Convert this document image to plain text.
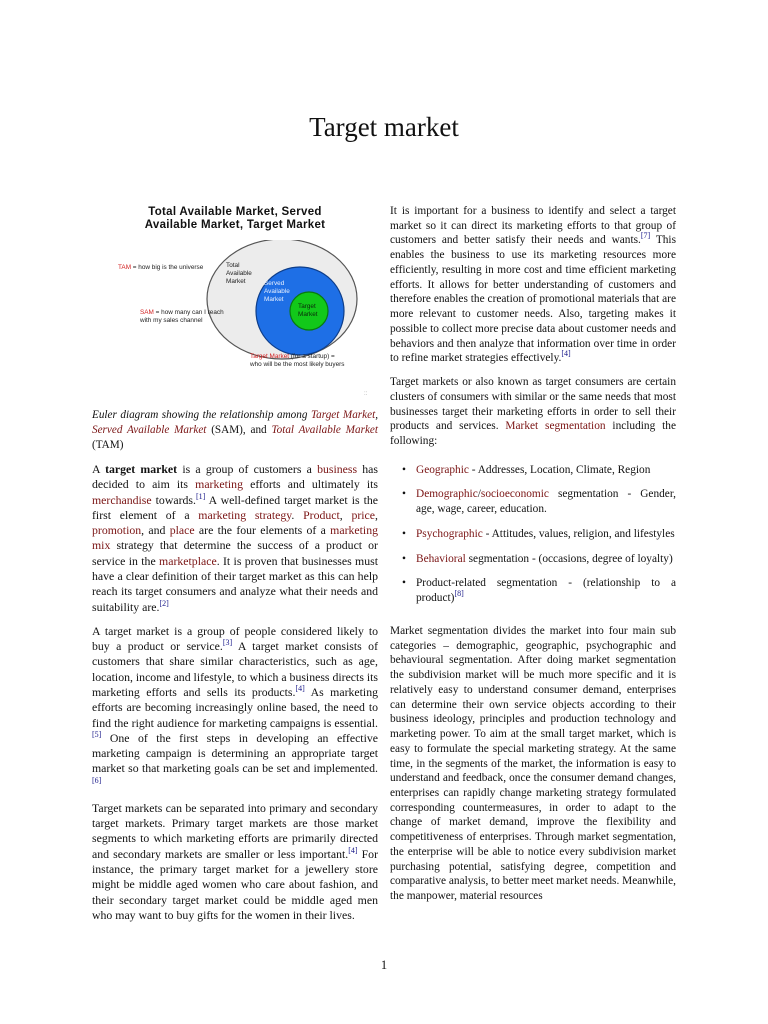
Target market
Total Available Market, Served
Available Market, Target Market
Total
Available
Market	Served
Available
Market
Target
Market
TAM = how big is the universe
SAM = how many can I reach
with my sales channel
Target Market (for a startup) =
who will be the most likely buyers
::

Euler diagram showing the relationship among Target Market, Served Available Market (SAM), and Total Available Market (TAM)

A target market is a group of customers a business has decided to aim its marketing efforts and ultimately its merchandise towards.[1] A well-defined target market is the first element of a marketing strategy. Product, price, promotion, and place are the four elements of a marketing mix strategy that determine the success of a product or service in the marketplace. It is proven that businesses must have a clear definition of their target market as this can help reach its target consumers and analyze what their needs and suitability are.[2]

A target market is a group of people considered likely to buy a product or service.[3] A target market consists of customers that share similar characteristics, such as age, location, income and lifestyle, to which a business directs its marketing efforts and sells its products.[4] As marketing efforts are becoming increasingly online based, the need to find the right audience for marketing campaigns is essential.[5] One of the first steps in developing an effective marketing campaign is determining an appropriate target market so that marketing goals can be set and implemented.[6]

Target markets can be separated into primary and secondary target markets. Primary target markets are those market segments to which marketing efforts are primarily directed and secondary markets are smaller or less important.[4] For instance, the primary target market for a jewellery store might be middle aged women who care about fashion, and their secondary target market could be middle aged men who may want to buy gifts for the women in their lives.

It is important for a business to identify and select a target market so it can direct its marketing efforts to that group of customers and better satisfy their needs and wants.[7] This enables the business to use its marketing resources more efficiently, resulting in more cost and time efficient marketing efforts. It allows for better understanding of customers and therefore enables the creation of promotional materials that are more relevant to customer needs. Also, targeting makes it possible to collect more precise data about customer needs and behaviors and then analyze that information over time in order to refine market strategies effectively.[4]

Target markets or also known as target consumers are certain clusters of consumers with similar or the same needs that most businesses target their marketing efforts in order to sell their products and services. Market segmentation including the following:

• Geographic - Addresses, Location, Climate, Region
• Demographic/socioeconomic segmentation - Gender, age, wage, career, education.
• Psychographic - Attitudes, values, religion, and lifestyles
• Behavioral segmentation - (occasions, degree of loyalty)
• Product-related segmentation - (relationship to a product)[8]

Market segmentation divides the market into four main sub categories – demographic, geographic, psychographic and behavioural segmentation. After doing market segmentation the subdivision market will be much more specific and it is relatively easy to understand consumer demand, enterprises can determine their own service objects according to their business ideology, principles and production technology and marketing power. To aim at the small target market, which is easy to formulate the special marketing strategy. At the same time, in the segments of the market, the information is easy to understand and feedback, once the consumer demand changes, enterprises can rapidly change marketing strategy formulated corresponding countermeasures, in order to adapt to the change of market demand, improve the flexibility and competitiveness of enterprises. Through market segmentation, the enterprise will be able to notice every subdivision market purchasing potential, satisfying degree, competition and comparative analysis, to better meet market needs. Meanwhile, the manpower, material resources

1
